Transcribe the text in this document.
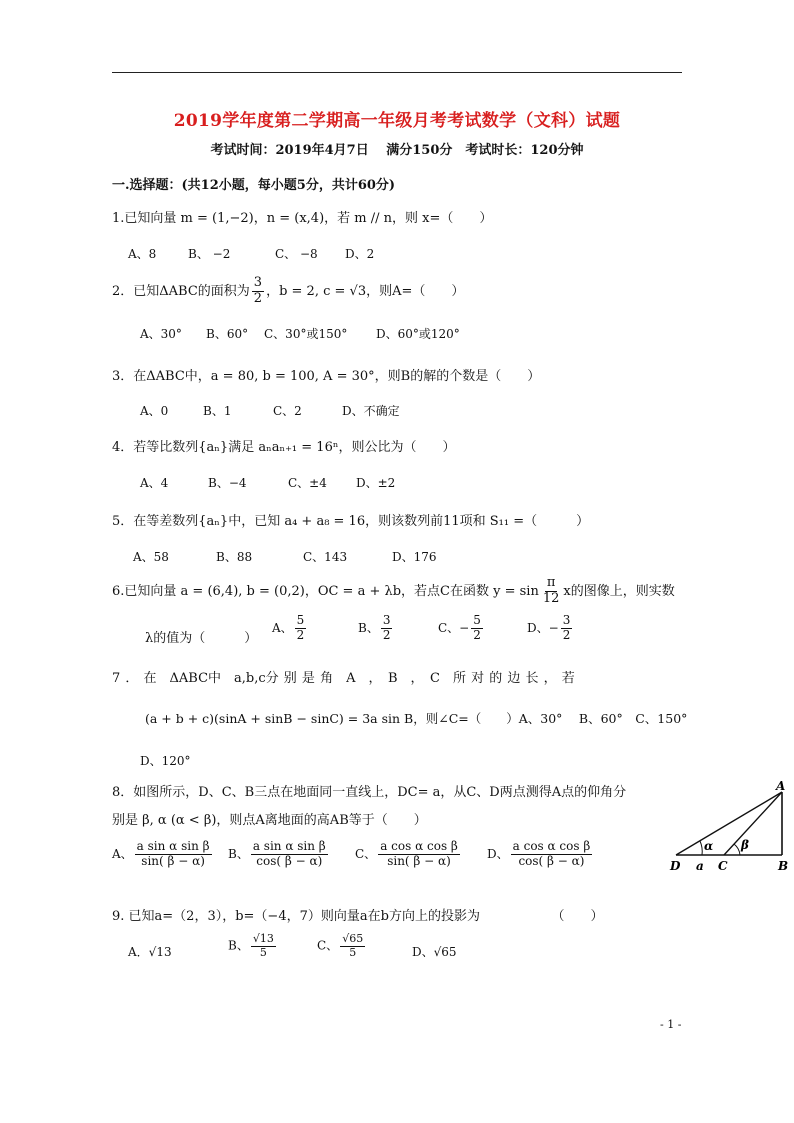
2019学年度第二学期高一年级月考考试数学（文科）试题
考试时间：2019年4月7日　 满分150分　考试时长：120分钟
一.选择题：(共12小题，每小题5分，共计60分)
1.已知向量 m = (1,−2)，n = (x,4)，若 m // n，则 x=（　　）
A、8	B、 −2	C、 −8 D、2
2．已知ΔABC的面积为 $\frac{3}{2}$ ，b = 2, c = √3，则A=（　　）
A、30° B、60° C、30°或150° D、60°或120°
3．在ΔABC中，a = 80, b = 100, A = 30°，则B的解的个数是（　　）
A、0	B、1	C、2	D、不确定
4．若等比数列{aₙ}满足 aₙaₙ₊₁ = 16ⁿ，则公比为（　　）
A、4	B、−4	C、±4 D、±2
5．在等差数列{aₙ}中，已知 a₄ + a₈ = 16，则该数列前11项和 S₁₁ =（　　　）
A、58	B、88	C、143	D、176
6.已知向量 a = (6,4), b = (0,2)，OC = a + λb，若点C在函数 $y = \sin \frac{\pi}{12}$ x的图像上，则实数
λ的值为（　　　）
A、 $\frac{5}{2}$	B、 $\frac{3}{2}$	C、− $\frac{5}{2}$	D、− $\frac{3}{2}$
7 ． 在　ΔABC中　a,b,c分 别 是 角　A　，　B　，　C　所 对 的 边 长 ， 若
(a + b + c)(sinA + sinB − sinC) = 3a sin B，则∠C=（　　）A、30°　 B、60°　C、150°
D、120°
8．如图所示，D、C、B三点在地面同一直线上，DC= a，从C、D两点测得A点的仰角分
别是 β, α (α < β)，则点A离地面的高AB等于（　　）
A、 $\frac{\text{a sin α sin β}}{\sin( \beta - \alpha)}$ B、 $\frac{\text{a sin α sin β}}{\cos( \beta - \alpha)}$ C、 $\frac{\text{a cos α cos β}}{\sin( \beta - \alpha)}$ D、 $\frac{\text{a cos α cos β}}{\cos( \beta - \alpha)}$
A
B
C
D a
α β
9. 已知a=（2，3），b=（−4，7）则向量a在b方向上的投影为　　　　　　（　　）
A．√13	B、 $\frac{√13}{5}$	C、 $\frac{√65}{5}$	D、√65
- 1 -
